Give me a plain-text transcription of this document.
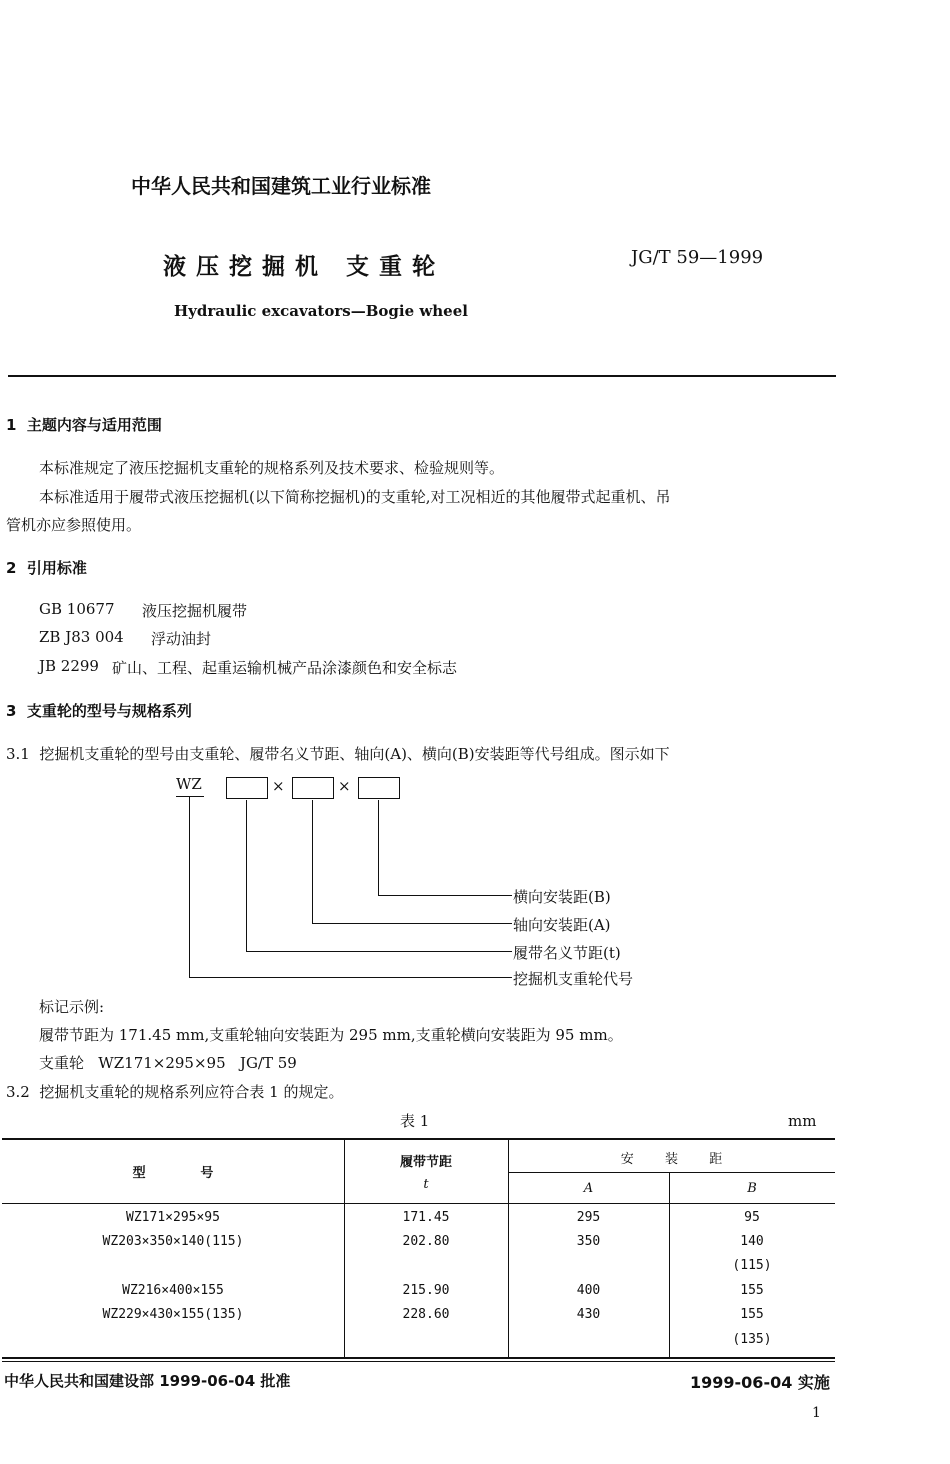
中华人民共和国建筑工业行业标准
液 压 挖 掘 机   支 重 轮	JG/T 59—1999
Hydraulic excavators—Bogie wheel
1  主题内容与适用范围
本标准规定了液压挖掘机支重轮的规格系列及技术要求、检验规则等。
本标准适用于履带式液压挖掘机(以下简称挖掘机)的支重轮,对工况相近的其他履带式起重机、吊
管机亦应参照使用。
2  引用标准
GB 10677 液压挖掘机履带
ZB J83 004 浮动油封
JB 2299 矿山、工程、起重运输机械产品涂漆颜色和安全标志
3  支重轮的型号与规格系列
3.1  挖掘机支重轮的型号由支重轮、履带名义节距、轴向(A)、横向(B)安装距等代号组成。图示如下
WZ	×	×
横向安装距(B)
轴向安装距(A)
履带名义节距(t)
挖掘机支重轮代号
标记示例:
履带节距为 171.45 mm,支重轮轴向安装距为 295 mm,支重轮横向安装距为 95 mm。
支重轮   WZ171×295×95   JG/T 59
3.2  挖掘机支重轮的规格系列应符合表 1 的规定。
表 1	mm
型       号
履带节距
t
安    装    距
A	B
WZ171×295×95	171.45	295	95
WZ203×350×140(115)	202.80	350	140
(115)
WZ216×400×155	215.90	400	155
WZ229×430×155(135)	228.60	430	155
(135)
中华人民共和国建设部 1999-06-04 批准	1999-06-04 实施
1
